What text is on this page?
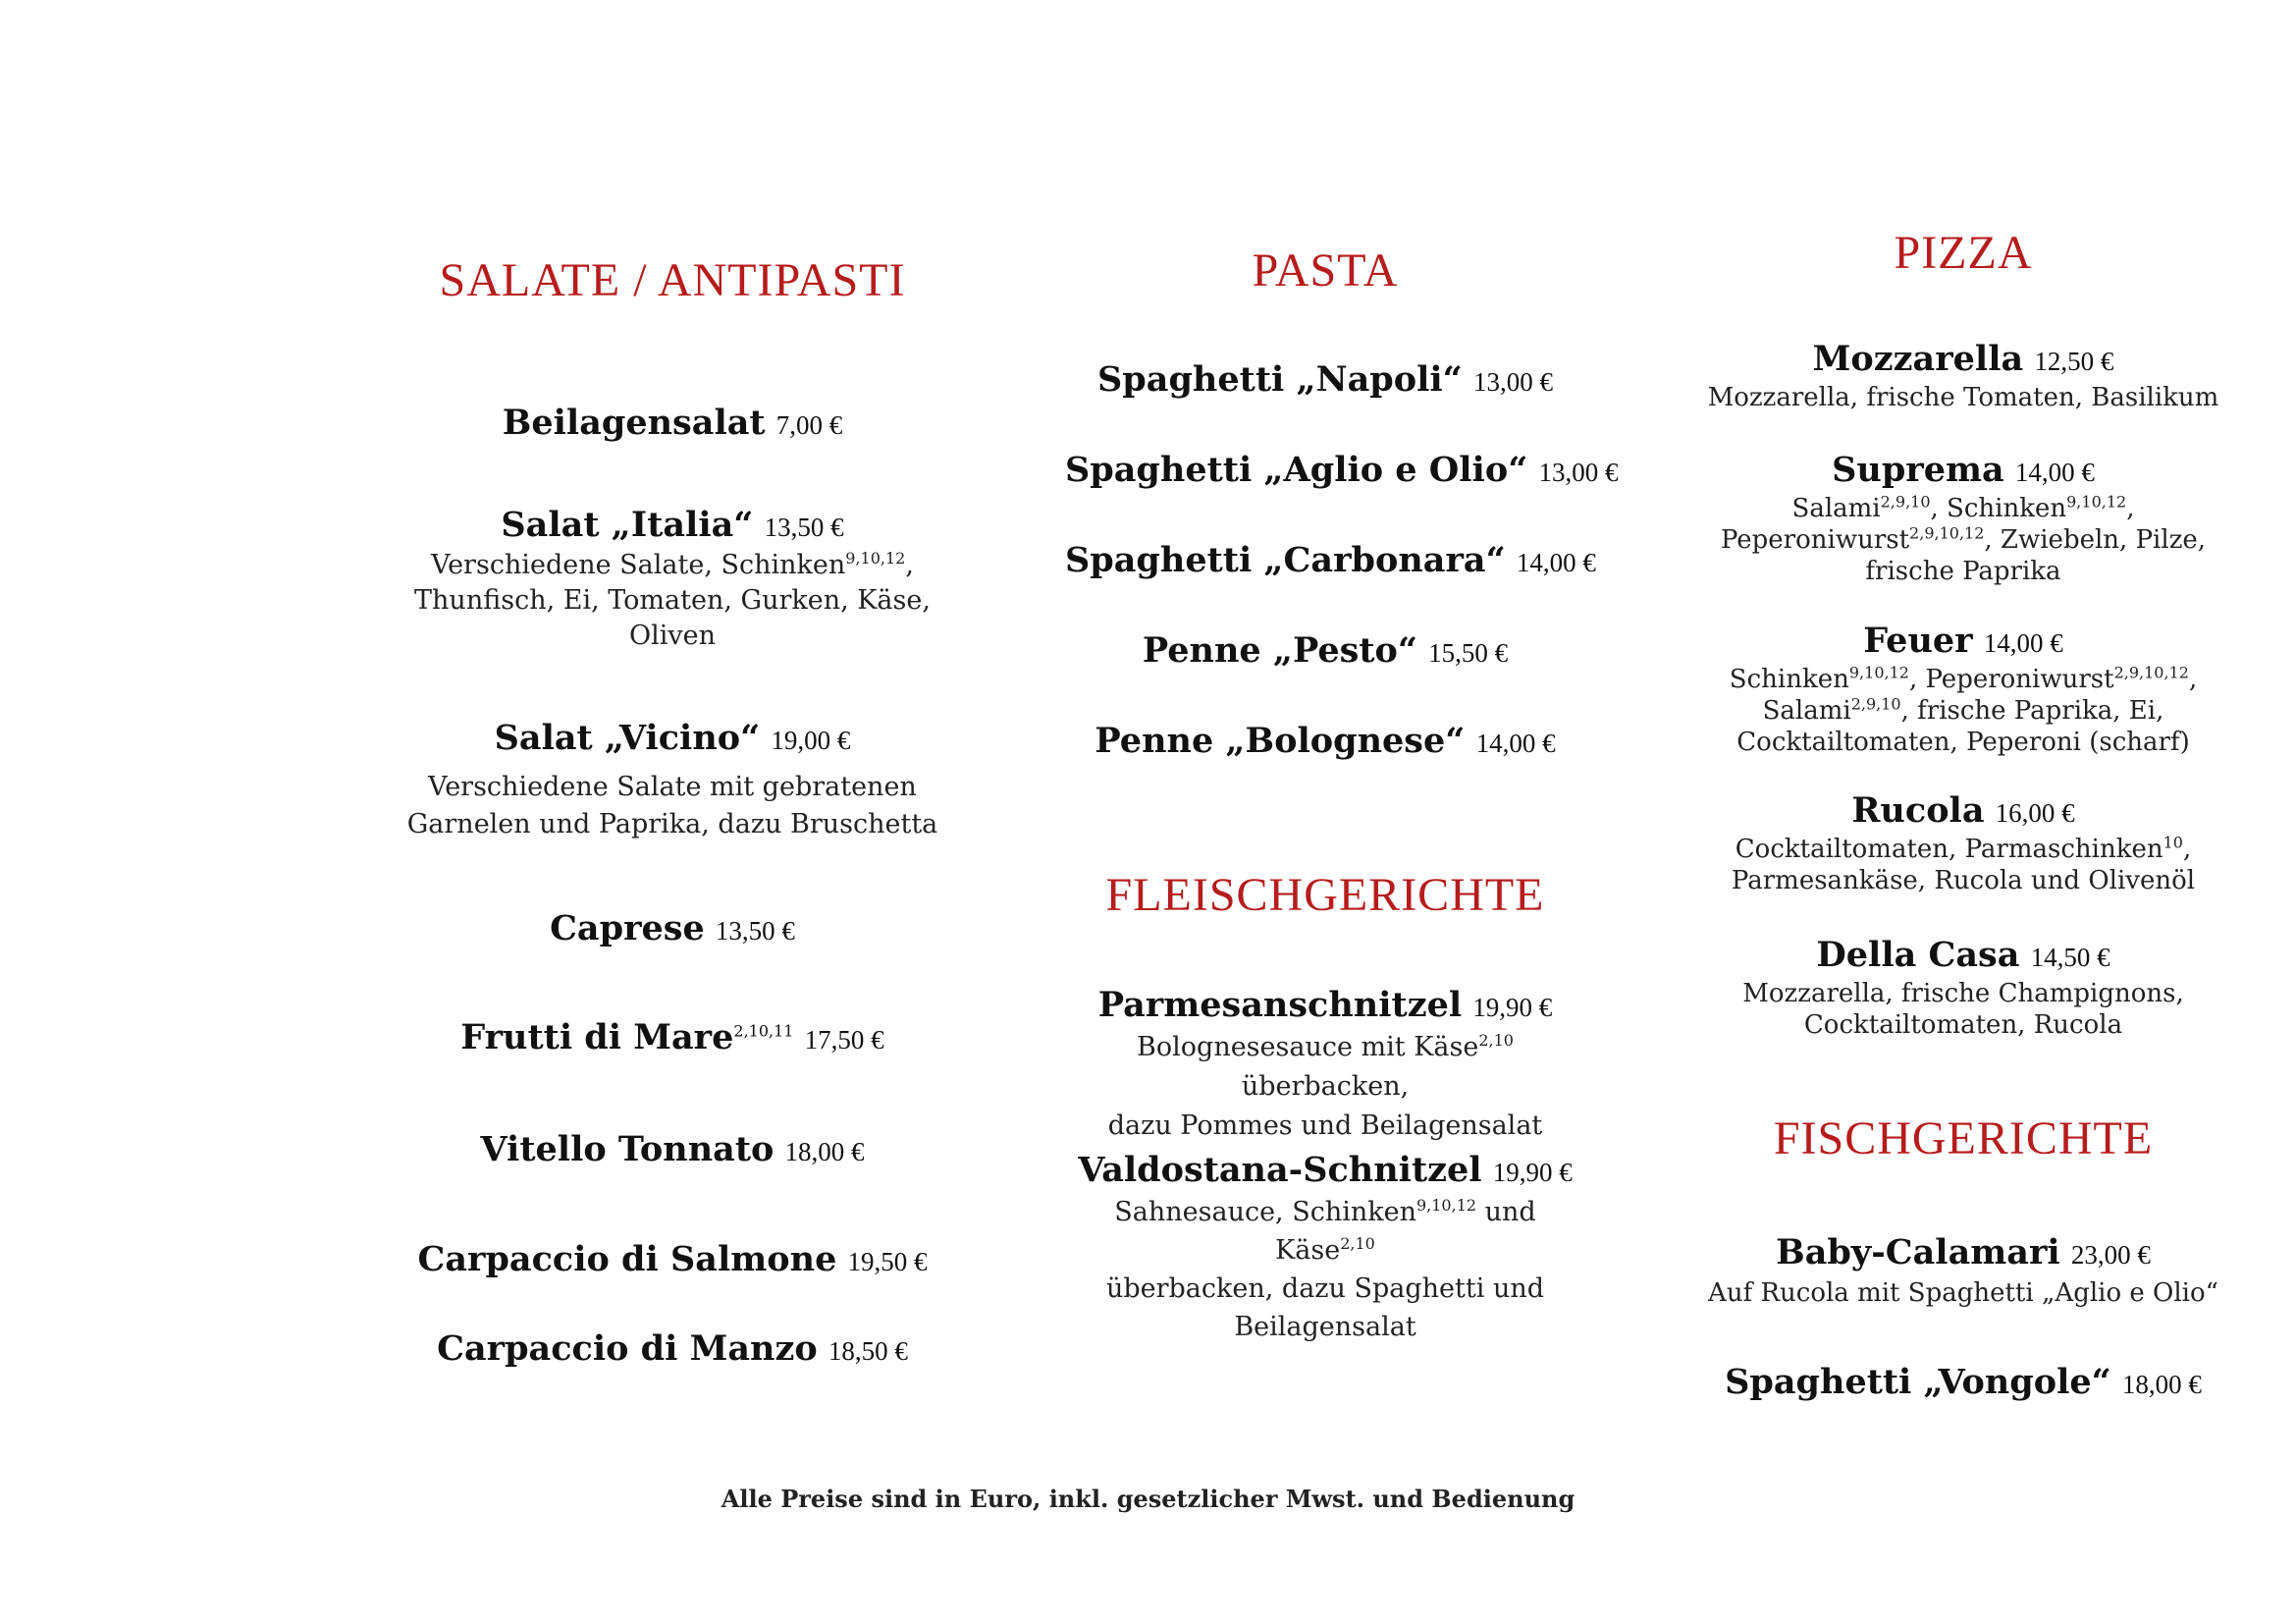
SALATE / ANTIPASTI
Beilagensalat 7,00 €
Salat „Italia“ 13,50 €
Verschiedene Salate, Schinken$^{9,10,12}$,
Thunfisch, Ei, Tomaten, Gurken, Käse,
Oliven
Salat „Vicino“ 19,00 €
Verschiedene Salate mit gebratenen
Garnelen und Paprika, dazu Bruschetta
Caprese 13,50 €
Frutti di Mare$^{2,10,11}$ 17,50 €
Vitello Tonnato 18,00 €
Carpaccio di Salmone 19,50 €
Carpaccio di Manzo 18,50 €
PASTA
Spaghetti „Napoli“ 13,00 €
Spaghetti „Aglio e Olio“ 13,00 €
Spaghetti „Carbonara“ 14,00 €
Penne „Pesto“ 15,50 €
Penne „Bolognese“ 14,00 €
FLEISCHGERICHTE
Parmesanschnitzel 19,90 €
Bolognesesauce mit Käse$^{2,10}$ überbacken,
dazu Pommes und Beilagensalat
Valdostana-Schnitzel 19,90 €
Sahnesauce, Schinken$^{9,10,12}$ und Käse$^{2,10}$
überbacken, dazu Spaghetti und
Beilagensalat
PIZZA
Mozzarella 12,50 €
Mozzarella, frische Tomaten, Basilikum
Suprema 14,00 €
Salami$^{2,9,10}$, Schinken$^{9,10,12}$,
Peperoniwurst$^{2,9,10,12}$, Zwiebeln, Pilze,
frische Paprika
Feuer 14,00 €
Schinken$^{9,10,12}$, Peperoniwurst$^{2,9,10,12}$,
Salami$^{2,9,10}$, frische Paprika, Ei,
Cocktailtomaten, Peperoni (scharf)
Rucola 16,00 €
Cocktailtomaten, Parmaschinken$^{10}$,
Parmesankäse, Rucola und Olivenöl
Della Casa 14,50 €
Mozzarella, frische Champignons,
Cocktailtomaten, Rucola
FISCHGERICHTE
Baby-Calamari 23,00 €
Auf Rucola mit Spaghetti „Aglio e Olio“
Spaghetti „Vongole“ 18,00 €
Alle Preise sind in Euro, inkl. gesetzlicher Mwst. und Bedienung
